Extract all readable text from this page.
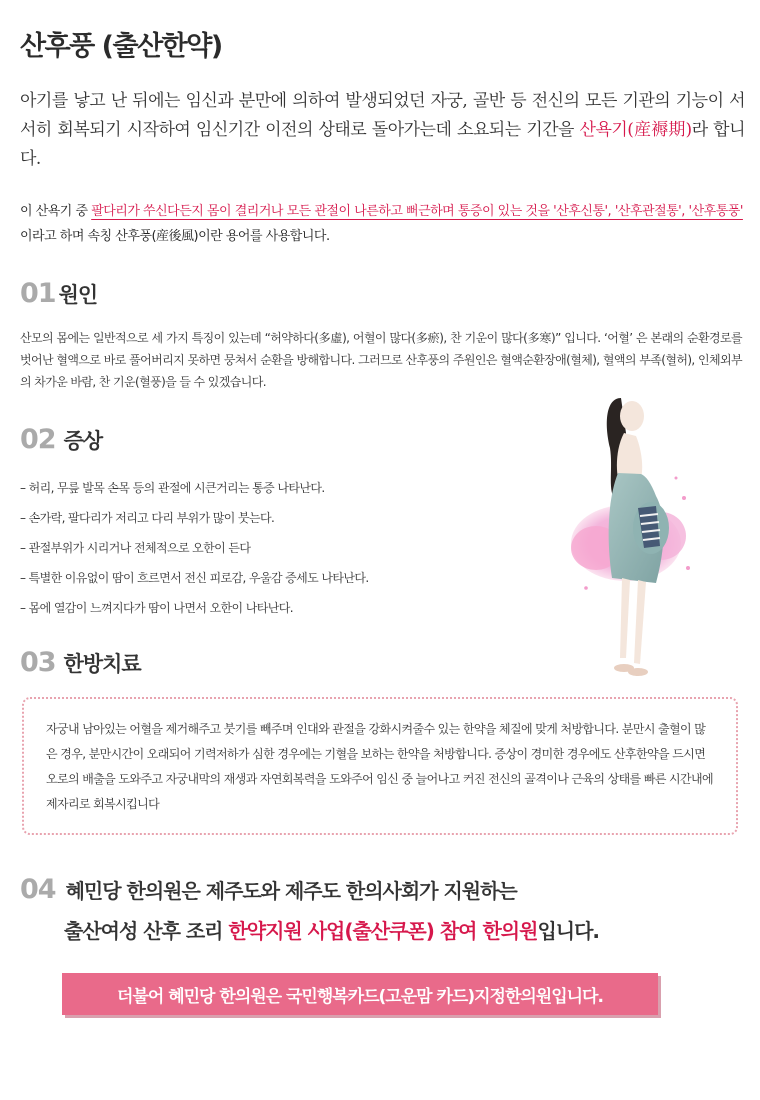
산후풍 (출산한약)

아기를 낳고 난 뒤에는 임신과 분만에 의하여 발생되었던 자궁, 골반 등 전신의 모든 기관의 기능이 서서히 회복되기 시작하여 임신기간 이전의 상태로 돌아가는데 소요되는 기간을 산욕기(産褥期)라 합니다.

이 산욕기 중 팔다리가 쑤신다든지 몸이 결리거나 모든 관절이 나른하고 뻐근하며 통증이 있는 것을 '산후신통', '산후관절통', '산후통풍' 이라고 하며 속칭 산후풍(産後風)이란 용어를 사용합니다.

01 원인

산모의 몸에는 일반적으로 세 가지 특징이 있는데 “허약하다(多虛), 어혈이 많다(多瘀), 찬 기운이 많다(多寒)” 입니다. ‘어혈’ 은 본래의 순환경로를 벗어난 혈액으로 바로 풀어버리지 못하면 뭉쳐서 순환을 방해합니다. 그러므로 산후풍의 주원인은 혈액순환장애(혈체), 혈액의 부족(혈허), 인체외부의 차가운 바람, 찬 기운(혈풍)을 들 수 있겠습니다.

02 증상
– 허리, 무릎 발목 손목 등의 관절에 시큰거리는 통증 나타난다.
– 손가락, 팔다리가 저리고 다리 부위가 많이 붓는다.
– 관절부위가 시리거나 전체적으로 오한이 든다
– 특별한 이유없이 땀이 흐르면서 전신 피로감, 우울감 증세도 나타난다.
– 몸에 열감이 느껴지다가 땀이 나면서 오한이 나타난다.
03 한방치료
자궁내 남아있는 어혈을 제거해주고 붓기를 빼주며 인대와 관절을 강화시켜줄수 있는 한약을 체질에 맞게 처방합니다. 분만시 출혈이 많은 경우, 분만시간이 오래되어 기력저하가 심한 경우에는 기혈을 보하는 한약을 처방합니다. 증상이 경미한 경우에도 산후한약을 드시면 오로의 배출을 도와주고 자궁내막의 재생과 자연회복력을 도와주어 임신 중 늘어나고 커진 전신의 골격이나 근육의 상태를 빠른 시간내에 제자리로 회복시킵니다
04 혜민당 한의원은 제주도와 제주도 한의사회가 지원하는
출산여성 산후 조리 한약지원 사업(출산쿠폰) 참여 한의원입니다.
더불어 혜민당 한의원은 국민행복카드(고운맘 카드)지정한의원입니다.
